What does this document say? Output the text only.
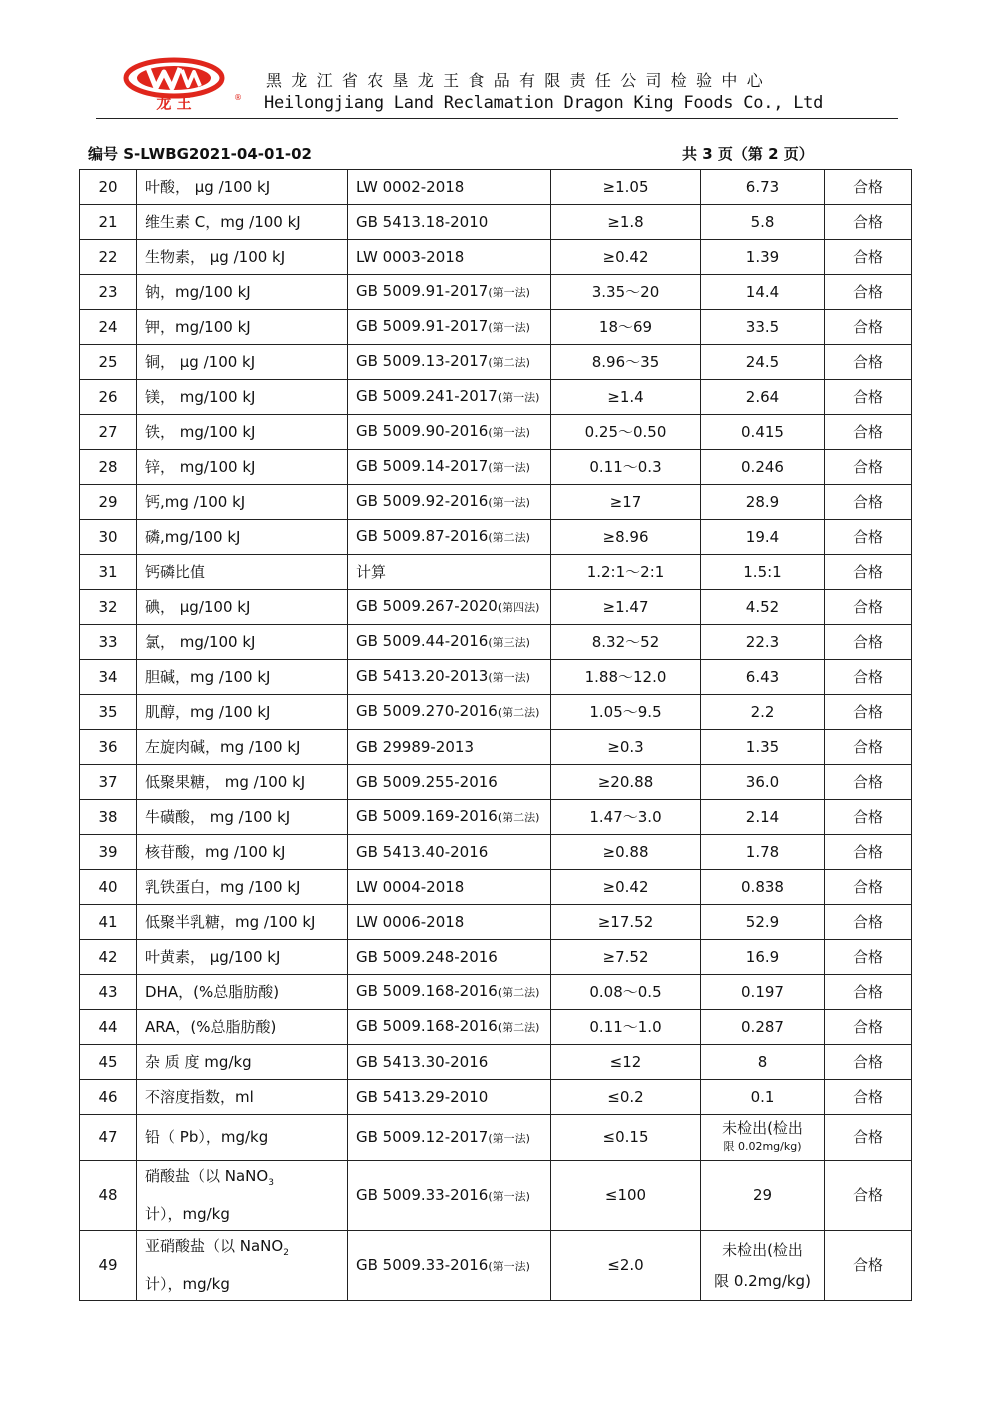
龙 王	®
黑龙江省农垦龙王食品有限责任公司检验中心
Heilongjiang Land Reclamation Dragon King Foods Co., Ltd
编号 S-LWBG2021-04-01-02	共 3 页（第 2 页）
20	叶酸， μg /100 kJ	LW 0002-2018	≥1.05	6.73	合格
21	维生素 C，mg /100 kJ	GB 5413.18-2010	≥1.8	5.8	合格
22	生物素， μg /100 kJ	LW 0003-2018	≥0.42	1.39	合格
23	钠，mg/100 kJ	GB 5009.91-2017(第一法)	3.35～20	14.4	合格
24	钾，mg/100 kJ	GB 5009.91-2017(第一法)	18～69	33.5	合格
25	铜， μg /100 kJ	GB 5009.13-2017(第二法)	8.96～35	24.5	合格
26	镁， mg/100 kJ	GB 5009.241-2017(第一法)	≥1.4	2.64	合格
27	铁， mg/100 kJ	GB 5009.90-2016(第一法)	0.25～0.50	0.415	合格
28	锌， mg/100 kJ	GB 5009.14-2017(第一法)	0.11～0.3	0.246	合格
29	钙,mg /100 kJ	GB 5009.92-2016(第一法)	≥17	28.9	合格
30	磷,mg/100 kJ	GB 5009.87-2016(第二法)	≥8.96	19.4	合格
31	钙磷比值	计算	1.2:1～2:1	1.5:1	合格
32	碘， μg/100 kJ	GB 5009.267-2020(第四法)	≥1.47	4.52	合格
33	氯， mg/100 kJ	GB 5009.44-2016(第三法)	8.32～52	22.3	合格
34	胆碱，mg /100 kJ	GB 5413.20-2013(第一法)	1.88～12.0	6.43	合格
35	肌醇，mg /100 kJ	GB 5009.270-2016(第二法)	1.05～9.5	2.2	合格
36	左旋肉碱，mg /100 kJ	GB 29989-2013	≥0.3	1.35	合格
37	低聚果糖， mg /100 kJ	GB 5009.255-2016	≥20.88	36.0	合格
38	牛磺酸， mg /100 kJ	GB 5009.169-2016(第二法)	1.47～3.0	2.14	合格
39	核苷酸，mg /100 kJ	GB 5413.40-2016	≥0.88	1.78	合格
40	乳铁蛋白，mg /100 kJ	LW 0004-2018	≥0.42	0.838	合格
41	低聚半乳糖，mg /100 kJ	LW 0006-2018	≥17.52	52.9	合格
42	叶黄素， μg/100 kJ	GB 5009.248-2016	≥7.52	16.9	合格
43	DHA，(%总脂肪酸)	GB 5009.168-2016(第二法)	0.08～0.5	0.197	合格
44	ARA，(%总脂肪酸)	GB 5009.168-2016(第二法)	0.11～1.0	0.287	合格
45	杂 质 度 mg/kg	GB 5413.30-2016	≤12	8	合格
46	不溶度指数，ml	GB 5413.29-2010	≤0.2	0.1	合格
47	铅（ Pb），mg/kg	GB 5009.12-2017(第一法)	≤0.15	未检出(检出
限 0.02mg/kg)	合格
48	硝酸盐（以 NaNO$_3$
计），mg/kg	GB 5009.33-2016(第一法)	≤100	29	合格
49	亚硝酸盐（以 NaNO$_2$
计），mg/kg	GB 5009.33-2016(第一法)	≤2.0	未检出(检出
限 0.2mg/kg)	合格
